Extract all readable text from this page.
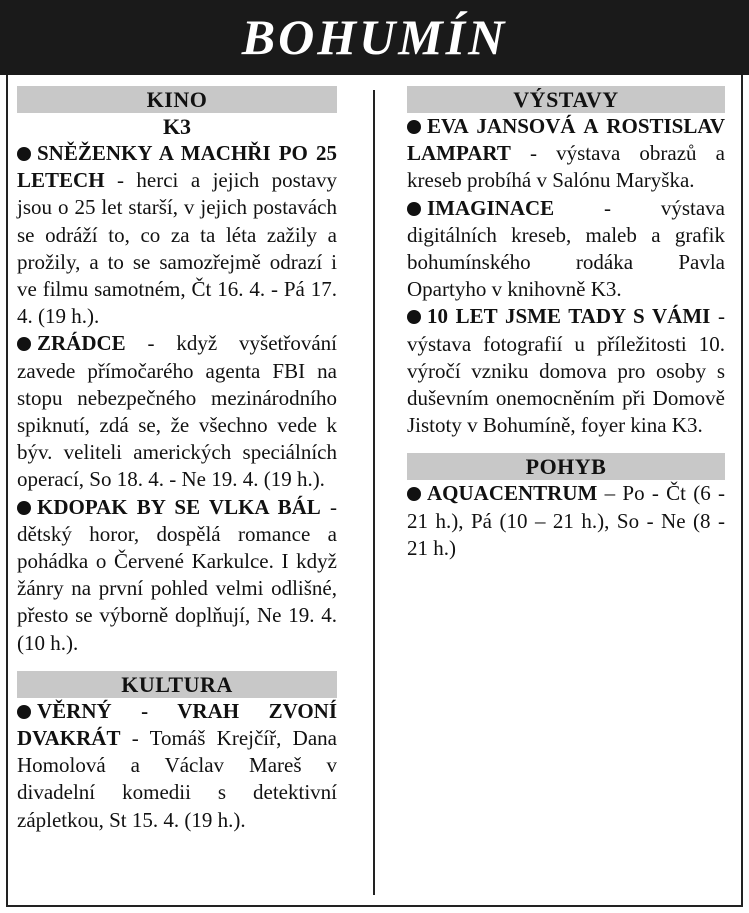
BOHUMÍN
KINO
K3
SNĚŽENKY A MACHŘI PO 25 LETECH - herci a jejich postavy jsou o 25 let starší, v jejich postavách se odráží to, co za ta léta zažily a prožily, a to se samozřejmě odrazí i ve filmu samotném, Čt 16. 4. - Pá 17. 4. (19 h.).
ZRÁDCE - když vyšetřování zavede přímočarého agenta FBI na stopu nebezpečného mezinárodního spiknutí, zdá se, že všechno vede k býv. veliteli amerických speciálních operací, So 18. 4. - Ne 19. 4. (19 h.).
KDOPAK BY SE VLKA BÁL - dětský horor, dospělá romance a pohádka o Červené Karkulce. I když žánry na první pohled velmi odlišné, přesto se výborně doplňují, Ne 19. 4. (10 h.).
KULTURA
VĚRNÝ - VRAH ZVONÍ DVAKRÁT - Tomáš Krejčíř, Dana Homolová a Václav Mareš v divadelní komedii s detektivní zápletkou, St 15. 4. (19 h.).
VÝSTAVY
EVA JANSOVÁ A ROSTISLAV LAMPART - výstava obrazů a kreseb probíhá v Salónu Maryška.
IMAGINACE - výstava digitálních kreseb, maleb a grafik bohumínského rodáka Pavla Opartyho v knihovně K3.
10 LET JSME TADY S VÁMI - výstava fotografií u příležitosti 10. výročí vzniku domova pro osoby s duševním onemocněním při Domově Jistoty v Bohumíně, foyer kina K3.
POHYB
AQUACENTRUM – Po - Čt (6 - 21 h.), Pá (10 – 21 h.), So - Ne (8 - 21 h.)
